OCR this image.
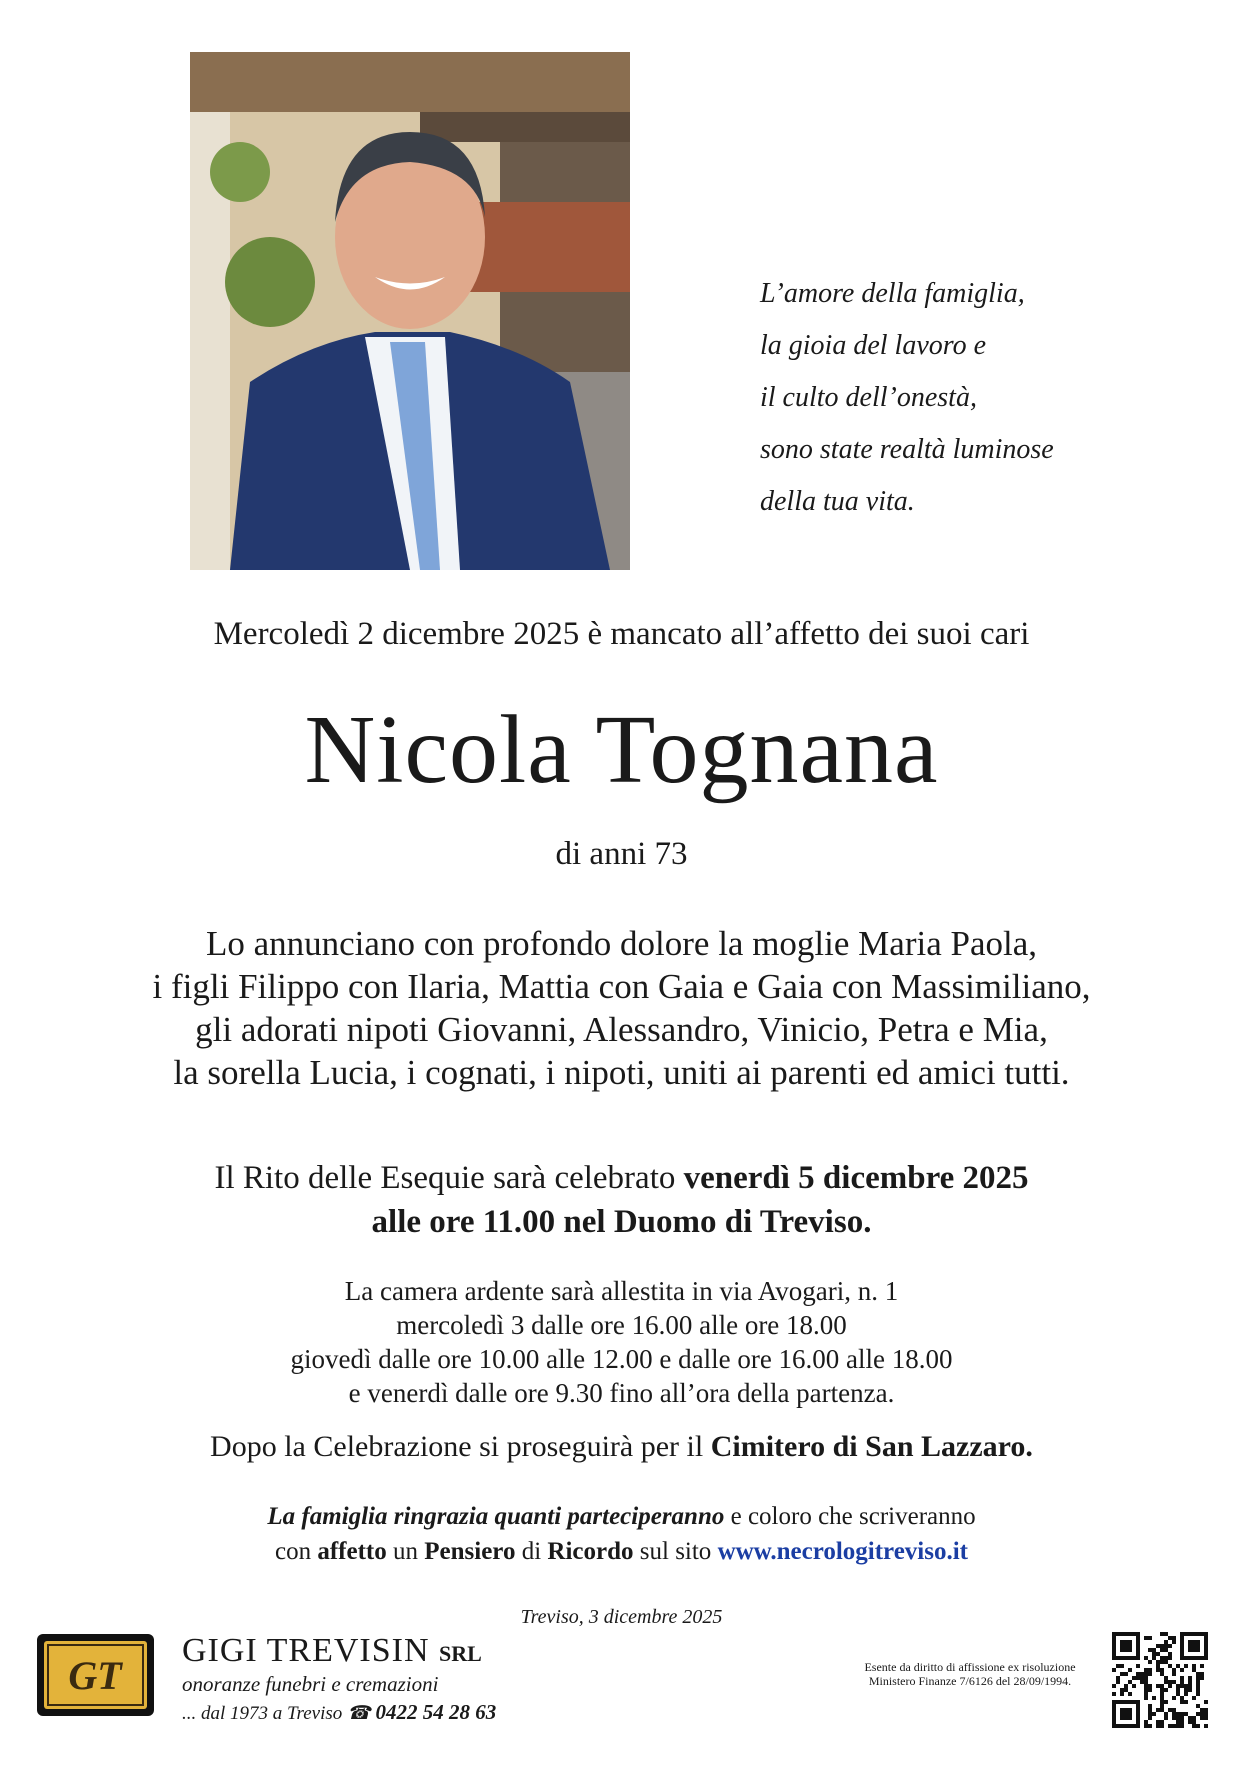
L’amore della famiglia,
la gioia del lavoro e
il culto dell’onestà,
sono state realtà luminose
della tua vita.
Mercoledì 2 dicembre 2025 è mancato all’affetto dei suoi cari
Nicola Tognana
di anni 73
Lo annunciano con profondo dolore la moglie Maria Paola,
i figli Filippo con Ilaria, Mattia con Gaia e Gaia con Massimiliano,
gli adorati nipoti Giovanni, Alessandro, Vinicio, Petra e Mia,
la sorella Lucia, i cognati, i nipoti, uniti ai parenti ed amici tutti.
Il Rito delle Esequie sarà celebrato venerdì 5 dicembre 2025
alle ore 11.00 nel Duomo di Treviso.
La camera ardente sarà allestita in via Avogari, n. 1
mercoledì 3 dalle ore 16.00 alle ore 18.00
giovedì dalle ore 10.00 alle 12.00 e dalle ore 16.00 alle 18.00
e venerdì dalle ore 9.30 fino all’ora della partenza.
Dopo la Celebrazione si proseguirà per il Cimitero di San Lazzaro.
La famiglia ringrazia quanti parteciperanno e coloro che scriveranno
con affetto un Pensiero di Ricordo sul sito www.necrologitreviso.it
Treviso, 3 dicembre 2025
GT
GIGI TREVISIN SRL
onoranze funebri e cremazioni
... dal 1973 a Treviso ☎ 0422 54 28 63
Esente da diritto di affissione ex risoluzione
Ministero Finanze 7/6126 del 28/09/1994.
